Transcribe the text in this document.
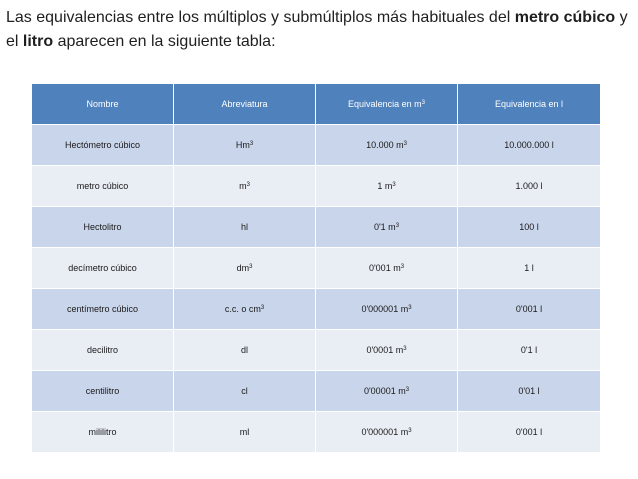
Las equivalencias entre los múltiplos y submúltiplos más habituales del metro cúbico y el litro aparecen en la siguiente tabla:

Nombre	Abreviatura	Equivalencia en $m^3$	Equivalencia en l
Hectómetro cúbico	Hm$^3$	10.000 $m^3$	10.000.000 l
metro cúbico	$m^3$	1 $m^3$	1.000 l
Hectolitro	hl	0'1 $m^3$	100 l
decímetro cúbico	$dm^3$	0'001 $m^3$	1 l
centímetro cúbico	c.c. o $cm^3$	0'000001 $m^3$	0'001 l
decilitro	dl	0'0001 $m^3$	0'1 l
centilitro	cl	0'00001 $m^3$	0'01 l
mililitro	ml	0'000001 $m^3$	0'001 l
